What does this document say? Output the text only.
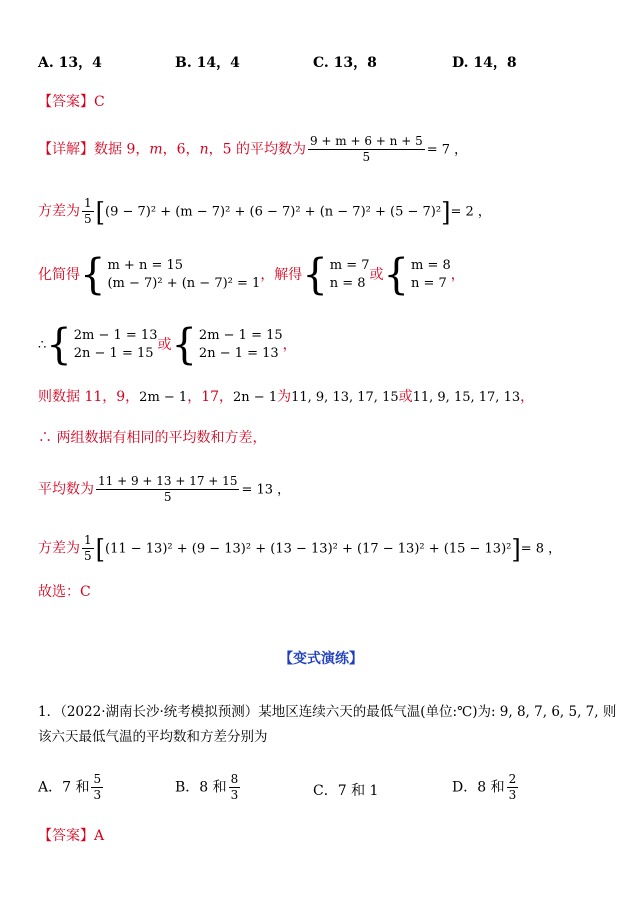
A. 13，4	B. 14，4	C. 13，8	D. 14，8
【答案】C
【详解】数据 9，m，6，n，5 的平均数为 $\frac{9 + m + 6 + n + 5}{5} = 7$ ，
方差为 $\frac{1}{5} [(9 - 7)^2 + (m - 7)^2 + (6 - 7)^2 + (n - 7)^2 + (5 - 7)^2]= 2$ ，
化简得 { m + n = 15
(m − 7)² + (n − 7)² = 1
，解得 { m = 7
n = 8
或 { m = 8
n = 7
，
∴ { 2m − 1 = 13
2n − 1 = 15
或 { 2m − 1 = 15
2n − 1 = 13
，
则数据 11，9，2m − 1，17，2n − 1为11, 9, 13, 17, 15或11, 9, 15, 17, 13，
∴ 两组数据有相同的平均数和方差，
平均数为 $\frac{11 + 9 + 13 + 17 + 15}{5} = 13$ ，
方差为 $\frac{1}{5} [(11 - 13)^2 + (9 - 13)^2 + (13 - 13)^2 + (17 - 13)^2 + (15 - 13)^2]= 8$ ，
故选：C
【变式演练】
1．（2022·湖南长沙·统考模拟预测）某地区连续六天的最低气温(单位:℃)为: 9, 8, 7, 6, 5, 7, 则
该六天最低气温的平均数和方差分别为
A．7 和 $\frac{5}{3}$	B．8 和 $\frac{8}{3}$	C．7 和 1	D．8 和 $\frac{2}{3}$
【答案】A
